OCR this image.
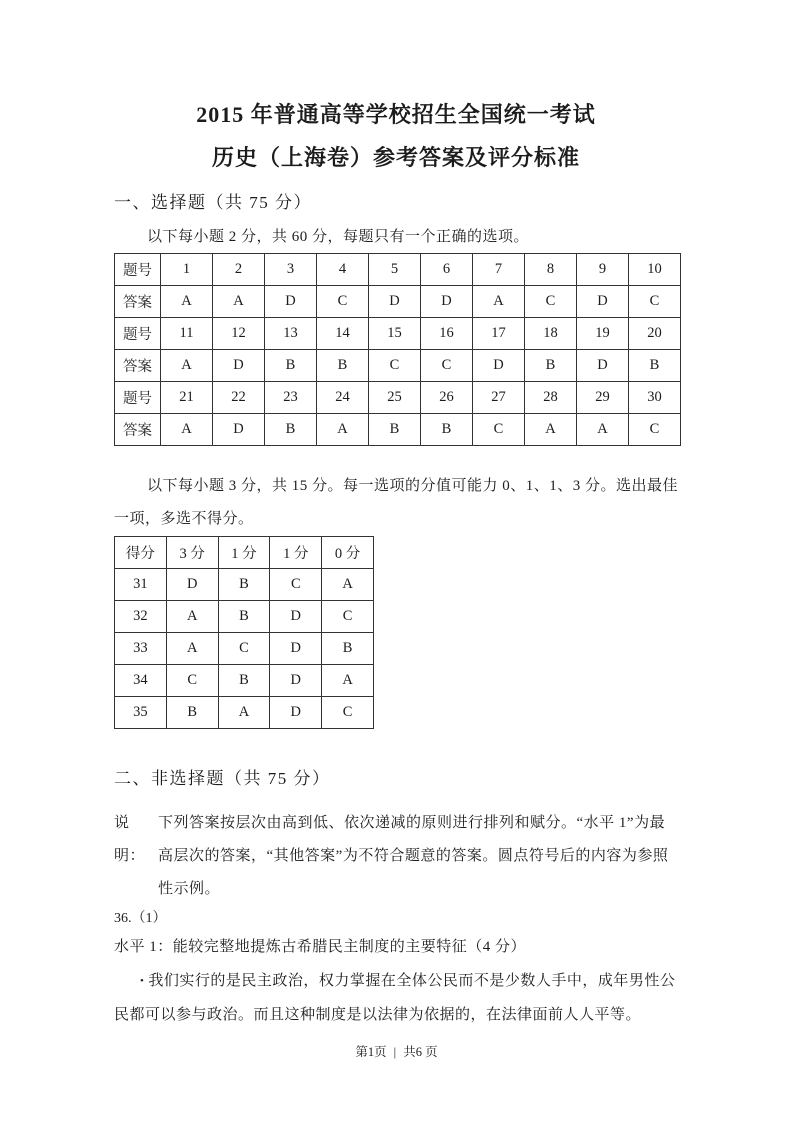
2015 年普通高等学校招生全国统一考试
历史（上海卷）参考答案及评分标准
一、选择题（共 75 分）
以下每小题 2 分，共 60 分，每题只有一个正确的选项。
题号	1	2	3	4	5	6	7	8	9	10
答案	A	A	D	C	D	D	A	C	D	C
题号	11	12	13	14	15	16	17	18	19	20
答案	A	D	B	B	C	C	D	B	D	B
题号	21	22	23	24	25	26	27	28	29	30
答案	A	D	B	A	B	B	C	A	A	C
以下每小题 3 分，共 15 分。每一选项的分值可能力 0、1、1、3 分。选出最佳一项，多选不得分。
得分	3 分	1 分	1 分	0 分
31	D	B	C	A
32	A	B	D	C
33	A	C	D	B
34	C	B	D	A
35	B	A	D	C
二、非选择题（共 75 分）
说明：
下列答案按层次由高到低、依次递减的原则进行排列和赋分。“水平 1”为最高层次的答案，“其他答案”为不符合题意的答案。圆点符号后的内容为参照性示例。
36.（1）
水平 1：能较完整地提炼古希腊民主制度的主要特征（4 分）
• 我们实行的是民主政治，权力掌握在全体公民而不是少数人手中，成年男性公民都可以参与政治。而且这种制度是以法律为依据的，在法律面前人人平等。
第1页 | 共6 页
